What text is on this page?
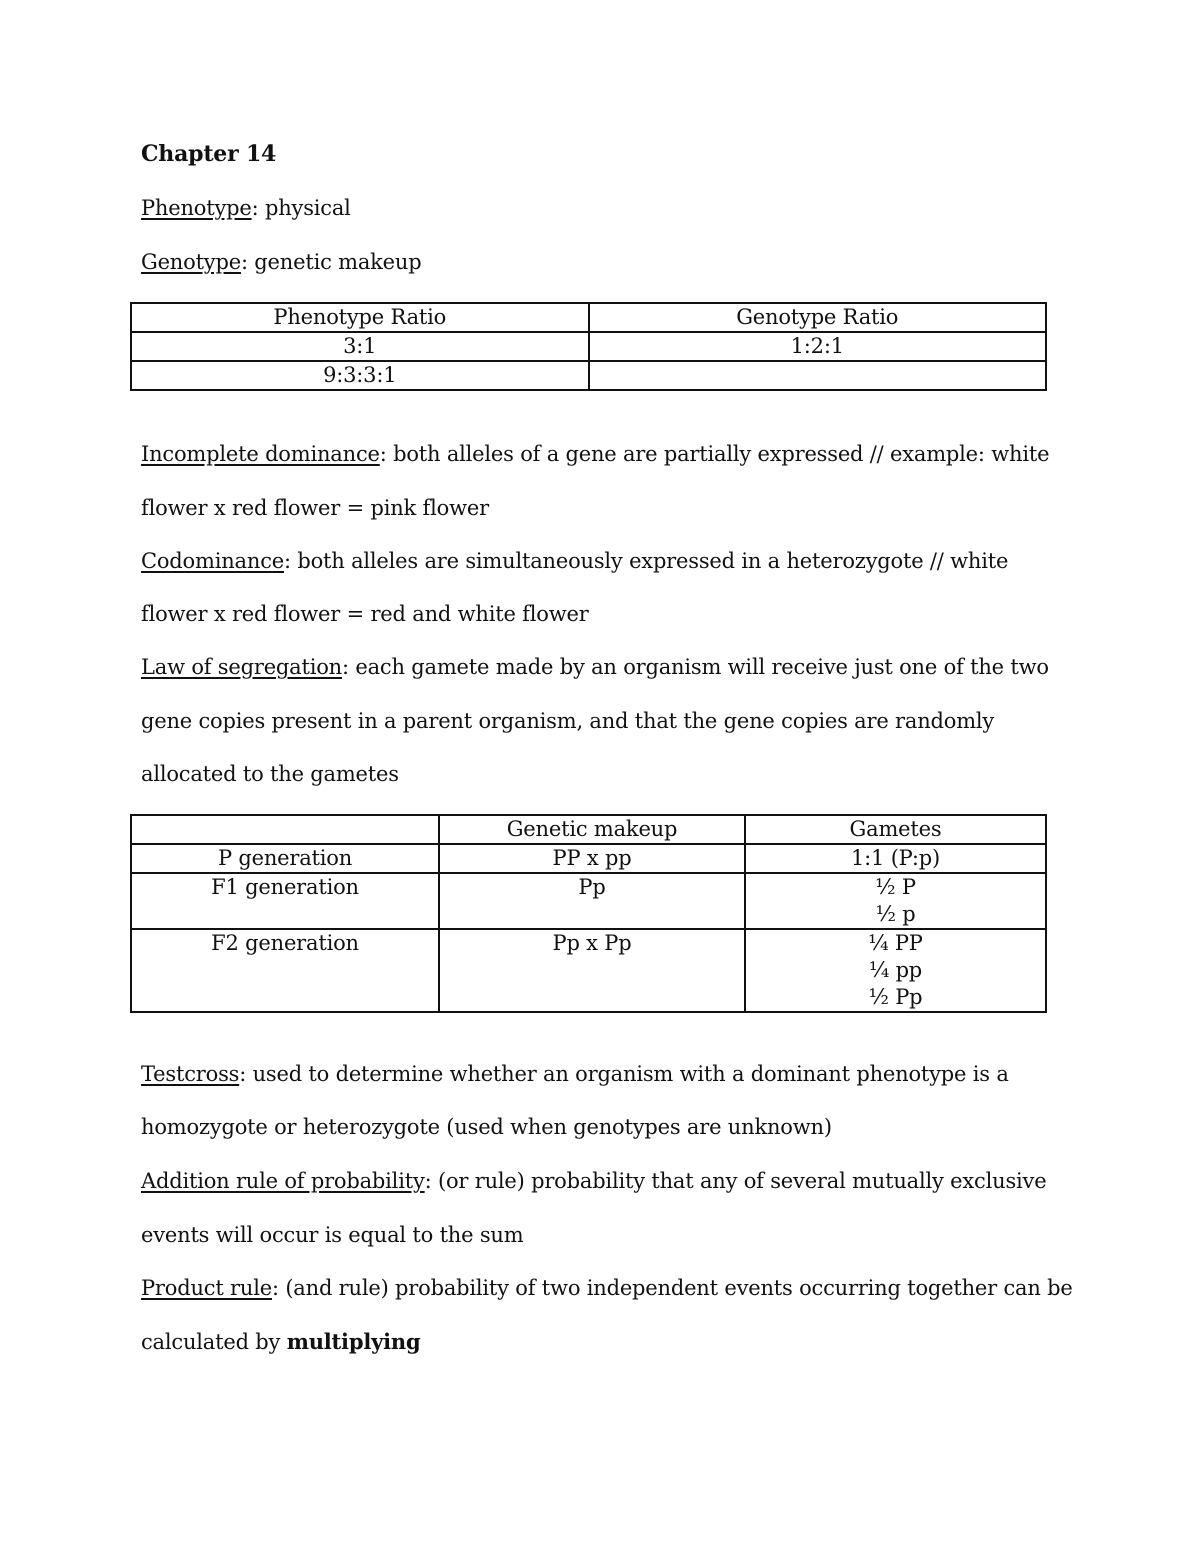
Chapter 14
Phenotype: physical
Genotype: genetic makeup
Phenotype Ratio	Genotype Ratio
3:1	1:2:1
9:3:3:1	
Incomplete dominance: both alleles of a gene are partially expressed // example: white
flower x red flower = pink flower
Codominance: both alleles are simultaneously expressed in a heterozygote // white
flower x red flower = red and white flower
Law of segregation: each gamete made by an organism will receive just one of the two
gene copies present in a parent organism, and that the gene copies are randomly
allocated to the gametes
	Genetic makeup	Gametes
P generation	PP x pp	1:1 (P:p)

F1 generation	Pp	½ P
½ p

F2 generation	Pp x Pp	¼ PP
¼ pp
½ Pp
Testcross: used to determine whether an organism with a dominant phenotype is a
homozygote or heterozygote (used when genotypes are unknown)
Addition rule of probability: (or rule) probability that any of several mutually exclusive
events will occur is equal to the sum
Product rule: (and rule) probability of two independent events occurring together can be
calculated by multiplying
